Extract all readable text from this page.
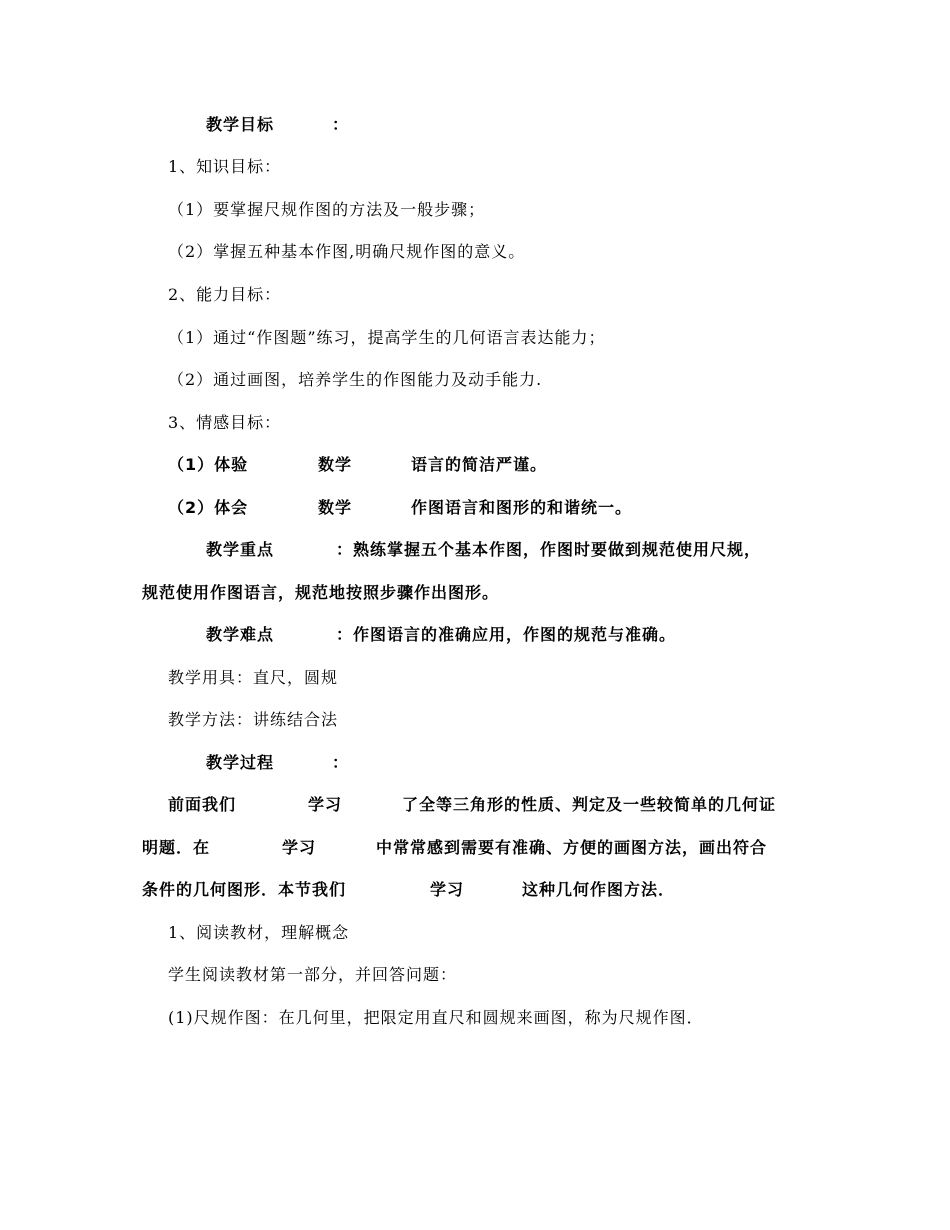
教学目标	：
1、知识目标：
（1）要掌握尺规作图的方法及一般步骤；
（2）掌握五种基本作图,明确尺规作图的意义。
2、能力目标：
（1）通过“作图题”练习，提高学生的几何语言表达能力；
（2）通过画图，培养学生的作图能力及动手能力.
3、情感目标：
（1）体验	数学	语言的简洁严谨。
（2）体会	数学	作图语言和图形的和谐统一。
教学重点	：熟练掌握五个基本作图，作图时要做到规范使用尺规，
规范使用作图语言，规范地按照步骤作出图形。
教学难点	：作图语言的准确应用，作图的规范与准确。
教学用具：直尺，圆规
教学方法：讲练结合法
教学过程	：
前面我们	学习	了全等三角形的性质、判定及一些较简单的几何证
明题．在	学习	中常常感到需要有准确、方便的画图方法，画出符合
条件的几何图形．本节我们	学习	这种几何作图方法．
1、阅读教材，理解概念
学生阅读教材第一部分，并回答问题：
(1)尺规作图：在几何里，把限定用直尺和圆规来画图，称为尺规作图．
